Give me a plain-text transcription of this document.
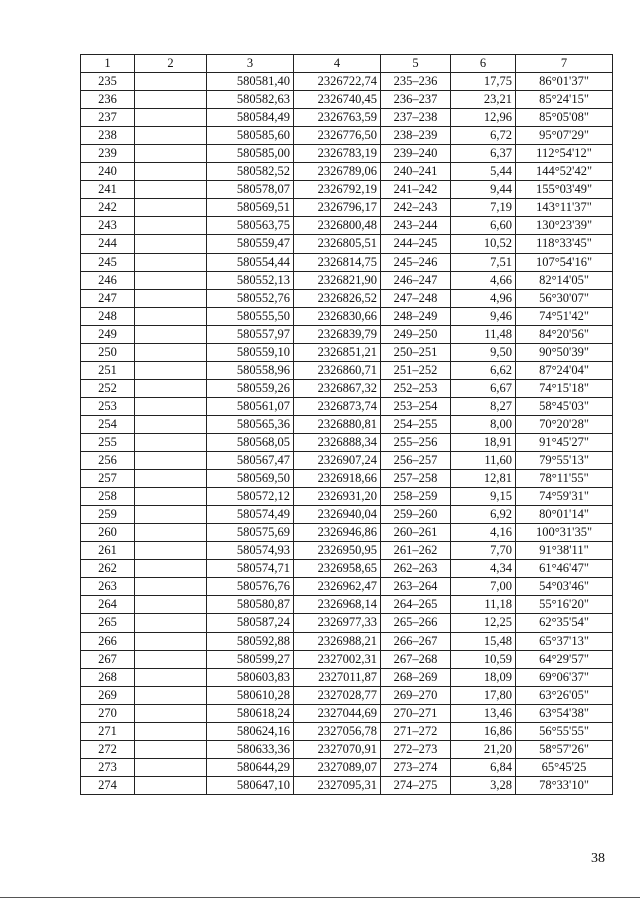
1	2	3	4	5	6	7
235		580581,40	2326722,74	235–236	17,75	86°01'37"
236		580582,63	2326740,45	236–237	23,21	85°24'15"
237		580584,49	2326763,59	237–238	12,96	85°05'08"
238		580585,60	2326776,50	238–239	6,72	95°07'29"
239		580585,00	2326783,19	239–240	6,37	112°54'12"
240		580582,52	2326789,06	240–241	5,44	144°52'42"
241		580578,07	2326792,19	241–242	9,44	155°03'49"
242		580569,51	2326796,17	242–243	7,19	143°11'37"
243		580563,75	2326800,48	243–244	6,60	130°23'39"
244		580559,47	2326805,51	244–245	10,52	118°33'45"
245		580554,44	2326814,75	245–246	7,51	107°54'16"
246		580552,13	2326821,90	246–247	4,66	82°14'05"
247		580552,76	2326826,52	247–248	4,96	56°30'07"
248		580555,50	2326830,66	248–249	9,46	74°51'42"
249		580557,97	2326839,79	249–250	11,48	84°20'56"
250		580559,10	2326851,21	250–251	9,50	90°50'39"
251		580558,96	2326860,71	251–252	6,62	87°24'04"
252		580559,26	2326867,32	252–253	6,67	74°15'18"
253		580561,07	2326873,74	253–254	8,27	58°45'03"
254		580565,36	2326880,81	254–255	8,00	70°20'28"
255		580568,05	2326888,34	255–256	18,91	91°45'27"
256		580567,47	2326907,24	256–257	11,60	79°55'13"
257		580569,50	2326918,66	257–258	12,81	78°11'55"
258		580572,12	2326931,20	258–259	9,15	74°59'31"
259		580574,49	2326940,04	259–260	6,92	80°01'14"
260		580575,69	2326946,86	260–261	4,16	100°31'35"
261		580574,93	2326950,95	261–262	7,70	91°38'11"
262		580574,71	2326958,65	262–263	4,34	61°46'47"
263		580576,76	2326962,47	263–264	7,00	54°03'46"
264		580580,87	2326968,14	264–265	11,18	55°16'20"
265		580587,24	2326977,33	265–266	12,25	62°35'54"
266		580592,88	2326988,21	266–267	15,48	65°37'13"
267		580599,27	2327002,31	267–268	10,59	64°29'57"
268		580603,83	2327011,87	268–269	18,09	69°06'37"
269		580610,28	2327028,77	269–270	17,80	63°26'05"
270		580618,24	2327044,69	270–271	13,46	63°54'38"
271		580624,16	2327056,78	271–272	16,86	56°55'55"
272		580633,36	2327070,91	272–273	21,20	58°57'26"
273		580644,29	2327089,07	273–274	6,84	65°45'25
274		580647,10	2327095,31	274–275	3,28	78°33'10"
38
